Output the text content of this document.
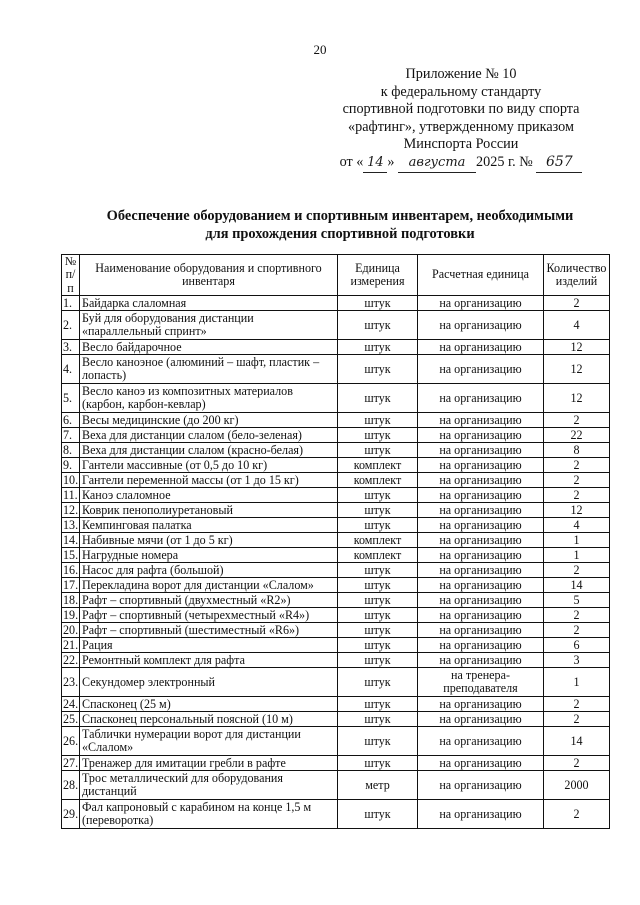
20
Приложение № 10
к федеральному стандарту
спортивной подготовки по виду спорта
«рафтинг», утвержденному приказом
Минспорта России
от « 14 » августа 2025 г. № 657
Обеспечение оборудованием и спортивным инвентарем, необходимыми
для прохождения спортивной подготовки
№ п/п	Наименование оборудования и спортивного инвентаря	Единица измерения	Расчетная единица	Количество изделий
1.	Байдарка слаломная	штук	на организацию	2
2.	Буй для оборудования дистанции «параллельный спринт»	штук	на организацию	4
3.	Весло байдарочное	штук	на организацию	12
4.	Весло каноэное (алюминий – шафт, пластик – лопасть)	штук	на организацию	12
5.	Весло каноэ из композитных материалов (карбон, карбон-кевлар)	штук	на организацию	12
6.	Весы медицинские (до 200 кг)	штук	на организацию	2
7.	Веха для дистанции слалом (бело-зеленая)	штук	на организацию	22
8.	Веха для дистанции слалом (красно-белая)	штук	на организацию	8
9.	Гантели массивные (от 0,5 до 10 кг)	комплект	на организацию	2
10.	Гантели переменной массы (от 1 до 15 кг)	комплект	на организацию	2
11.	Каноэ слаломное	штук	на организацию	2
12.	Коврик пенополиуретановый	штук	на организацию	12
13.	Кемпинговая палатка	штук	на организацию	4
14.	Набивные мячи (от 1 до 5 кг)	комплект	на организацию	1
15.	Нагрудные номера	комплект	на организацию	1
16.	Насос для рафта (большой)	штук	на организацию	2
17.	Перекладина ворот для дистанции «Слалом»	штук	на организацию	14
18.	Рафт – спортивный (двухместный «R2»)	штук	на организацию	5
19.	Рафт – спортивный (четырехместный «R4»)	штук	на организацию	2
20.	Рафт – спортивный (шестиместный «R6»)	штук	на организацию	2
21.	Рация	штук	на организацию	6
22.	Ремонтный комплект для рафта	штук	на организацию	3
23.	Секундомер электронный	штук	на тренера-преподавателя	1
24.	Спасконец (25 м)	штук	на организацию	2
25.	Спасконец персональный поясной (10 м)	штук	на организацию	2
26.	Таблички нумерации ворот для дистанции «Слалом»	штук	на организацию	14
27.	Тренажер для имитации гребли в рафте	штук	на организацию	2
28.	Трос металлический для оборудования дистанций	метр	на организацию	2000
29.	Фал капроновый с карабином на конце 1,5 м (переворотка)	штук	на организацию	2
